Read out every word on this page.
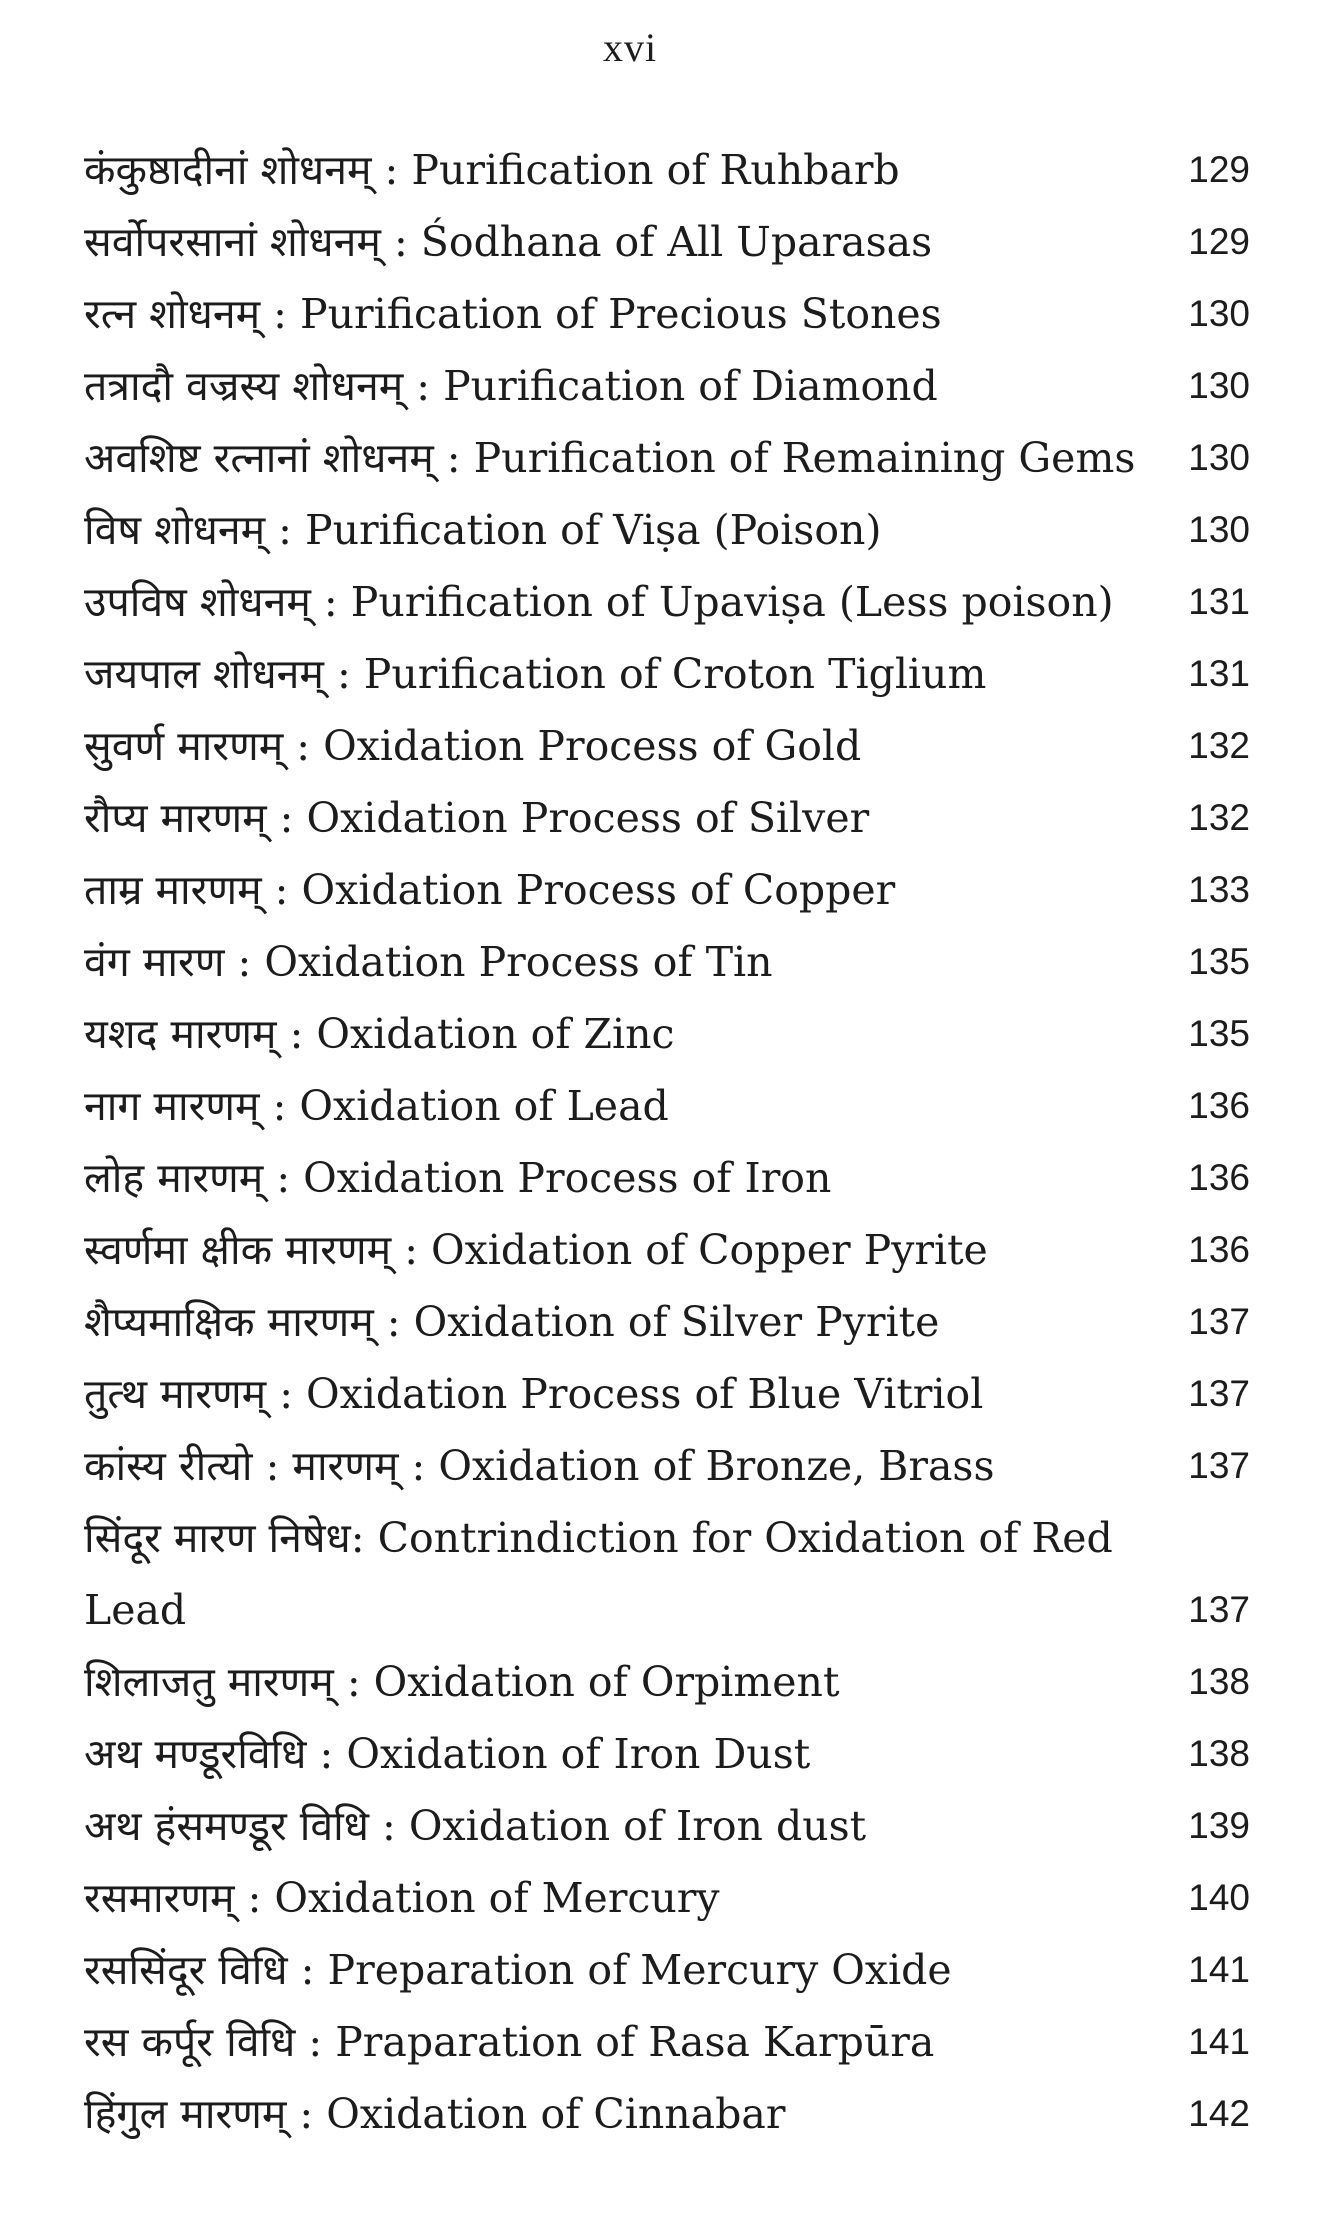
xvi
कंकुष्ठादीनां शोधनम् : Purification of Ruhbarb	129
सर्वोपरसानां शोधनम् : Śodhana of All Uparasas	129
रत्न शोधनम् : Purification of Precious Stones	130
तत्रादौ वज्रस्य शोधनम् : Purification of Diamond	130
अवशिष्ट रत्नानां शोधनम् : Purification of Remaining Gems	130
विष शोधनम् : Purification of Viṣa (Poison)	130
उपविष शोधनम् : Purification of Upaviṣa (Less poison)	131
जयपाल शोधनम् : Purification of Croton Tiglium	131
सुवर्ण मारणम् : Oxidation Process of Gold	132
रौप्य मारणम् : Oxidation Process of Silver	132
ताम्र मारणम् : Oxidation Process of Copper	133
वंग मारण : Oxidation Process of Tin	135
यशद मारणम् : Oxidation of Zinc	135
नाग मारणम् : Oxidation of Lead	136
लोह मारणम् : Oxidation Process of Iron	136
स्वर्णमा क्षीक मारणम् : Oxidation of Copper Pyrite	136
शैप्यमाक्षिक मारणम् : Oxidation of Silver Pyrite	137
तुत्थ मारणम् : Oxidation Process of Blue Vitriol	137
कांस्य रीत्यो : मारणम् : Oxidation of Bronze, Brass	137
सिंदूर मारण निषेध: Contrindiction for Oxidation of Red Lead	137
शिलाजतु मारणम् : Oxidation of Orpiment	138
अथ मण्डूरविधि : Oxidation of Iron Dust	138
अथ हंसमण्डूर विधि : Oxidation of Iron dust	139
रसमारणम् : Oxidation of Mercury	140
रससिंदूर विधि : Preparation of Mercury Oxide	141
रस कर्पूर विधि : Praparation of Rasa Karpūra	141
हिंगुल मारणम् : Oxidation of Cinnabar	142
